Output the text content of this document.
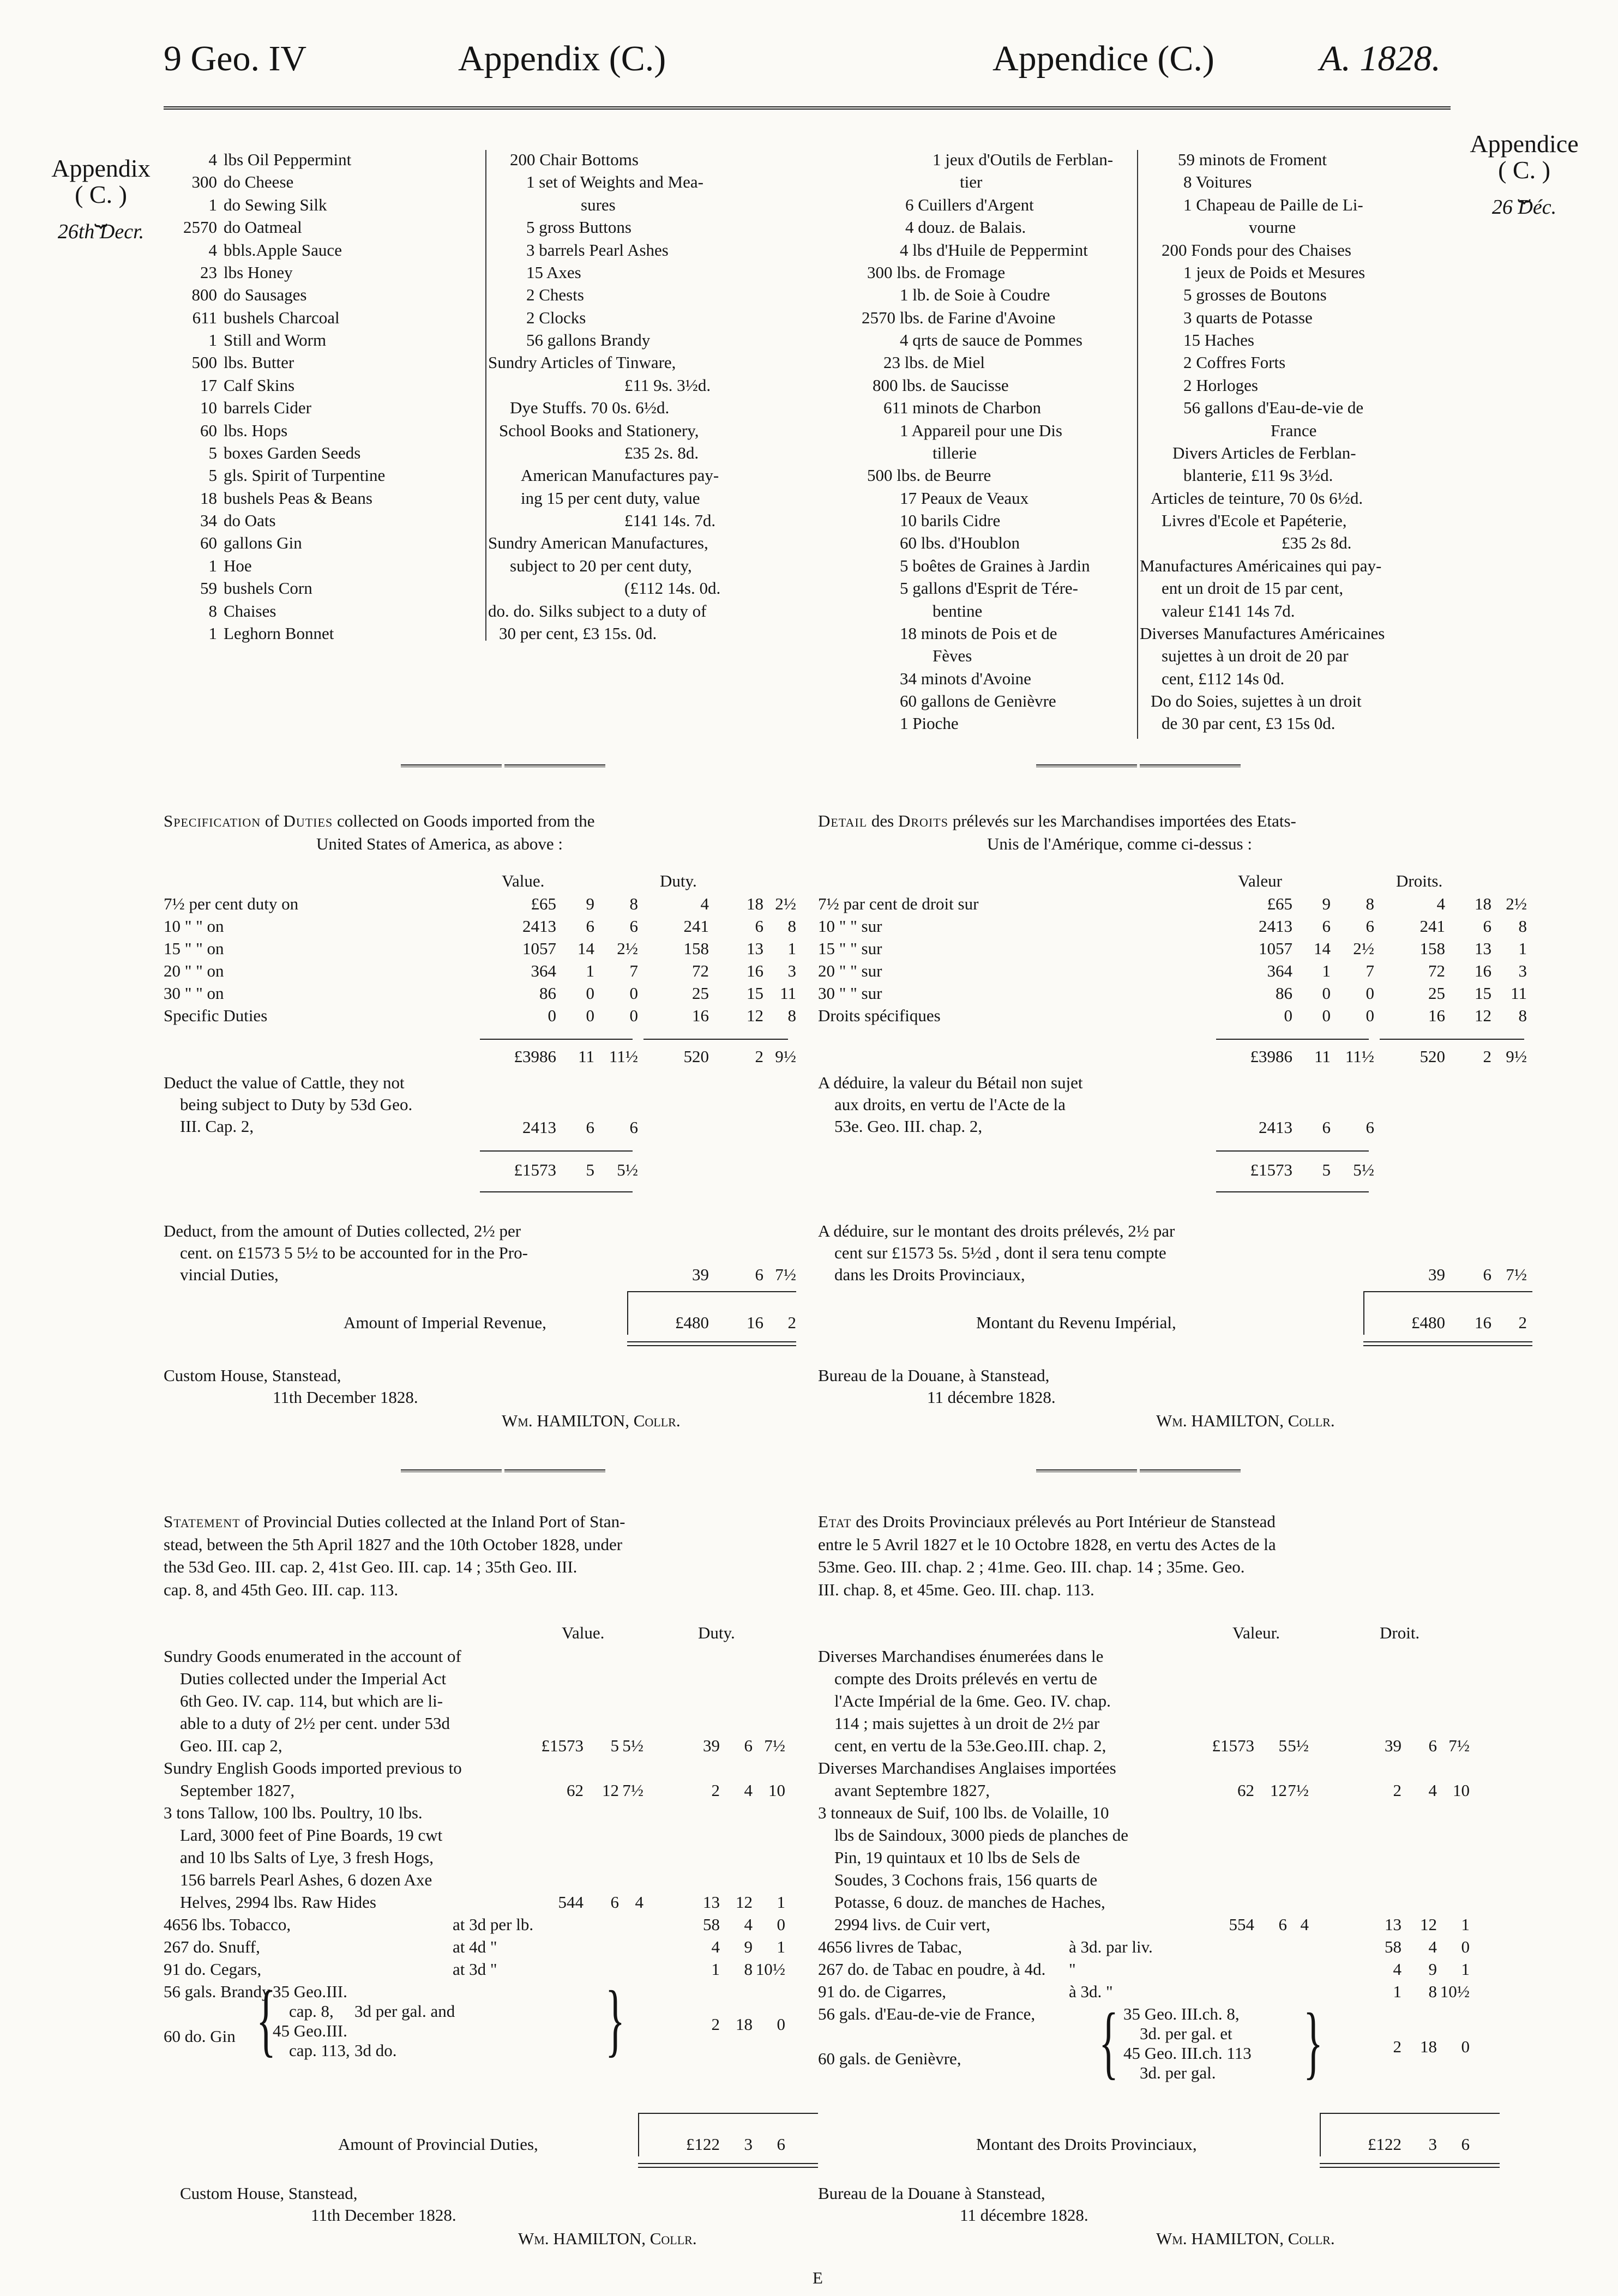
9 Geo. IV	Appendix (C.)	Appendice (C.)	A. 1828.
Appendix
( C. )
⏟
26th Decr.
Appendice
( C. )
⏟
26 Déc.
4 lbs Oil Peppermint
300 do Cheese
1 do Sewing Silk
2570 do Oatmeal
4 bbls.Apple Sauce
23 lbs Honey
800 do Sausages
611 bushels Charcoal
1 Still and Worm
500 lbs. Butter
17 Calf Skins
10 barrels Cider
60 lbs. Hops
5 boxes Garden Seeds
5 gls. Spirit of Turpentine
18 bushels Peas & Beans
34 do Oats
60 gallons Gin
1 Hoe
59 bushels Corn
8 Chaises
1 Leghorn Bonnet
200 Chair Bottoms
1 set of Weights and Mea-
sures
5 gross Buttons
3 barrels Pearl Ashes
15 Axes
2 Chests
2 Clocks
56 gallons Brandy
Sundry Articles of Tinware,
£11 9s. 3½d.
Dye Stuffs. 70 0s. 6½d.
School Books and Stationery,
£35 2s. 8d.
American Manufactures pay-
ing 15 per cent duty, value
£141 14s. 7d.
Sundry American Manufactures,
subject to 20 per cent duty,
(£112 14s. 0d.
do. do. Silks subject to a duty of
30 per cent, £3 15s. 0d.
1 jeux d'Outils de Ferblan-
tier
6 Cuillers d'Argent
4 douz. de Balais.
4 lbs d'Huile de Peppermint
300 lbs. de Fromage
1 lb. de Soie à Coudre
2570 lbs. de Farine d'Avoine
4 qrts de sauce de Pommes
23 lbs. de Miel
800 lbs. de Saucisse
611 minots de Charbon
1 Appareil pour une Dis
tillerie
500 lbs. de Beurre
17 Peaux de Veaux
10 barils Cidre
60 lbs. d'Houblon
5 boêtes de Graines à Jardin
5 gallons d'Esprit de Tére-
bentine
18 minots de Pois et de
Fèves
34 minots d'Avoine
60 gallons de Genièvre
1 Pioche
59 minots de Froment
8 Voitures
1 Chapeau de Paille de Li-
vourne
200 Fonds pour des Chaises
1 jeux de Poids et Mesures
5 grosses de Boutons
3 quarts de Potasse
15 Haches
2 Coffres Forts
2 Horloges
56 gallons d'Eau-de-vie de
France
Divers Articles de Ferblan-
blanterie, £11 9s 3½d.
Articles de teinture, 70 0s 6½d.
Livres d'Ecole et Papéterie,
£35 2s 8d.
Manufactures Américaines qui pay-
ent un droit de 15 par cent,
valeur £141 14s 7d.
Diverses Manufactures Américaines
sujettes à un droit de 20 par
cent, £112 14s 0d.
Do do Soies, sujettes à un droit
de 30 par cent, £3 15s 0d.
Specification of Duties collected on Goods imported from the
United States of America, as above :
Value.	Duty.
7½ per cent duty on	£65	9	8	4	18 2½
10 " " on	2413	6	6	241	6	8
15 " " on	1057	14	2½	158	13	1
20 " " on	364	1	7	72	16	3
30 " " on	86	0	0	25	15 11
Specific Duties	0	0	0	16	12	8
£3986	11 11½	520	2 9½
Deduct the value of Cattle, they not
being subject to Duty by 53d Geo.
III. Cap. 2,	2413	6	6
£1573	5	5½
Deduct, from the amount of Duties collected, 2½ per
cent. on £1573 5 5½ to be accounted for in the Pro-
vincial Duties,	39	6 7½
Amount of Imperial Revenue,	£480	16	2
Custom House, Stanstead,
11th December 1828.
Wm. HAMILTON, Collr.
Detail des Droits prélevés sur les Marchandises importées des Etats-
Unis de l'Amérique, comme ci-dessus :
Valeur	Droits.
7½ par cent de droit sur	£65	9	8	4	18 2½
10 " " sur	2413	6	6	241	6	8
15 " " sur	1057	14	2½	158	13	1
20 " " sur	364	1	7	72	16	3
30 " " sur	86	0	0	25	15	11
Droits spécifiques	0	0	0	16	12	8
£3986	11 11½	520	2 9½
A déduire, la valeur du Bétail non sujet
aux droits, en vertu de l'Acte de la
53e. Geo. III. chap. 2,	2413	6	6
£1573	5	5½
A déduire, sur le montant des droits prélevés, 2½ par
cent sur £1573 5s. 5½d , dont il sera tenu compte
dans les Droits Provinciaux,	39	6 7½
Montant du Revenu Impérial,	£480	16	2
Bureau de la Douane, à Stanstead,
11 décembre 1828.
Wm. HAMILTON, Collr.
Statement of Provincial Duties collected at the Inland Port of Stan-
stead, between the 5th April 1827 and the 10th October 1828, under
the 53d Geo. III. cap. 2, 41st Geo. III. cap. 14 ; 35th Geo. III.
cap. 8, and 45th Geo. III. cap. 113.
Value.	Duty.
Sundry Goods enumerated in the account of
Duties collected under the Imperial Act
6th Geo. IV. cap. 114, but which are li-
able to a duty of 2½ per cent. under 53d
Geo. III. cap 2,	£1573	5 5½	39	6 7½
Sundry English Goods imported previous to
September 1827,	62	12 7½	2	4 10
3 tons Tallow, 100 lbs. Poultry, 10 lbs.
Lard, 3000 feet of Pine Boards, 19 cwt
and 10 lbs Salts of Lye, 3 fresh Hogs,
156 barrels Pearl Ashes, 6 dozen Axe
Helves, 2994 lbs. Raw Hides	544	6 4	13 12	1
4656 lbs. Tobacco,	at 3d per lb.	58	4	0
267 do. Snuff,	at 4d "	4	9	1
91 do. Cegars,	at 3d "	1	8 10½
56 gals. Brandy
60 do. Gin {
35 Geo.III.
cap. 8,
45 Geo.III.
cap. 113,
3d per gal. and
3d do.	}	2 18	0
Amount of Provincial Duties,	£122	3	6
Custom House, Stanstead,
11th December 1828.
Wm. HAMILTON, Collr.
Etat des Droits Provinciaux prélevés au Port Intérieur de Stanstead
entre le 5 Avril 1827 et le 10 Octobre 1828, en vertu des Actes de la
53me. Geo. III. chap. 2 ; 41me. Geo. III. chap. 14 ; 35me. Geo.
III. chap. 8, et 45me. Geo. III. chap. 113.
Valeur.	Droit.
Diverses Marchandises énumerées dans le
compte des Droits prélevés en vertu de
l'Acte Impérial de la 6me. Geo. IV. chap.
114 ; mais sujettes à un droit de 2½ par
cent, en vertu de la 53e.Geo.III. chap. 2,	£1573	5 5½	39	6 7½
Diverses Marchandises Anglaises importées
avant Septembre 1827,	62 12 7½	2	4 10
3 tonneaux de Suif, 100 lbs. de Volaille, 10
lbs de Saindoux, 3000 pieds de planches de
Pin, 19 quintaux et 10 lbs de Sels de
Soudes, 3 Cochons frais, 156 quarts de
Potasse, 6 douz. de manches de Haches,
2994 livs. de Cuir vert,	554	6 4	13	12	1
4656 livres de Tabac,	à 3d. par liv.	58	4	0
267 do. de Tabac en poudre, à 4d. "	4	9	1
91 do. de Cigarres,	à 3d. "	1	8 10½
56 gals. d'Eau-de-vie de France,
60 gals. de Genièvre, { 35 Geo. III.ch. 8,
3d. per gal. et
45 Geo. III.ch. 113
3d. per gal. }	2	18	0
Montant des Droits Provinciaux,	£122	3	6
Bureau de la Douane à Stanstead,
11 décembre 1828.
Wm. HAMILTON, Collr.
E
